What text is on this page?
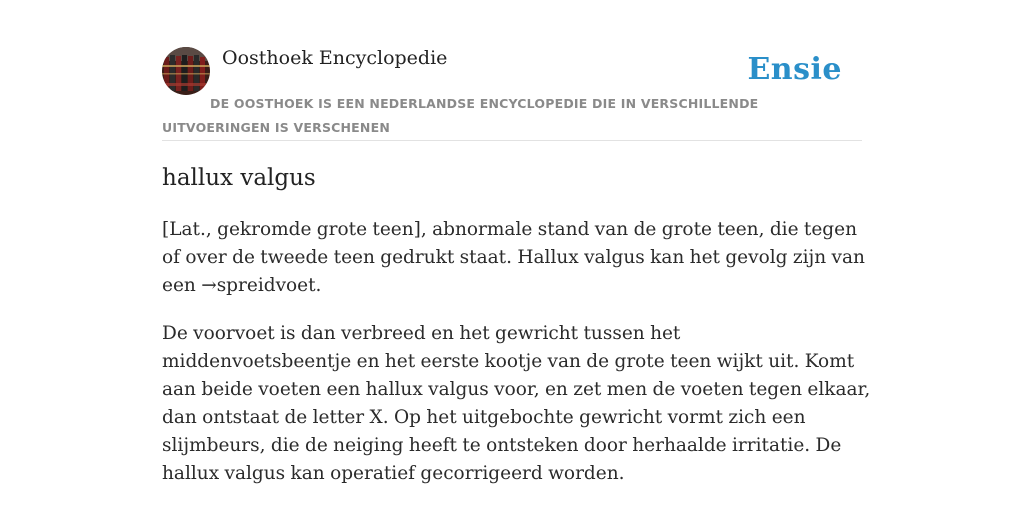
Oosthoek Encyclopedie	Ensie
DE OOSTHOEK IS EEN NEDERLANDSE ENCYCLOPEDIE DIE IN VERSCHILLENDE UITVOERINGEN IS VERSCHENEN
hallux valgus

[Lat., gekromde grote teen], abnormale stand van de grote teen, die tegen of over de tweede teen gedrukt staat. Hallux valgus kan het gevolg zijn van een →spreidvoet.

De voorvoet is dan verbreed en het gewricht tussen het middenvoetsbeentje en het eerste kootje van de grote teen wijkt uit. Komt aan beide voeten een hallux valgus voor, en zet men de voeten tegen elkaar, dan ontstaat de letter X. Op het uitgebochte gewricht vormt zich een slijmbeurs, die de neiging heeft te ontsteken door herhaalde irritatie. De hallux valgus kan operatief gecorrigeerd worden.
